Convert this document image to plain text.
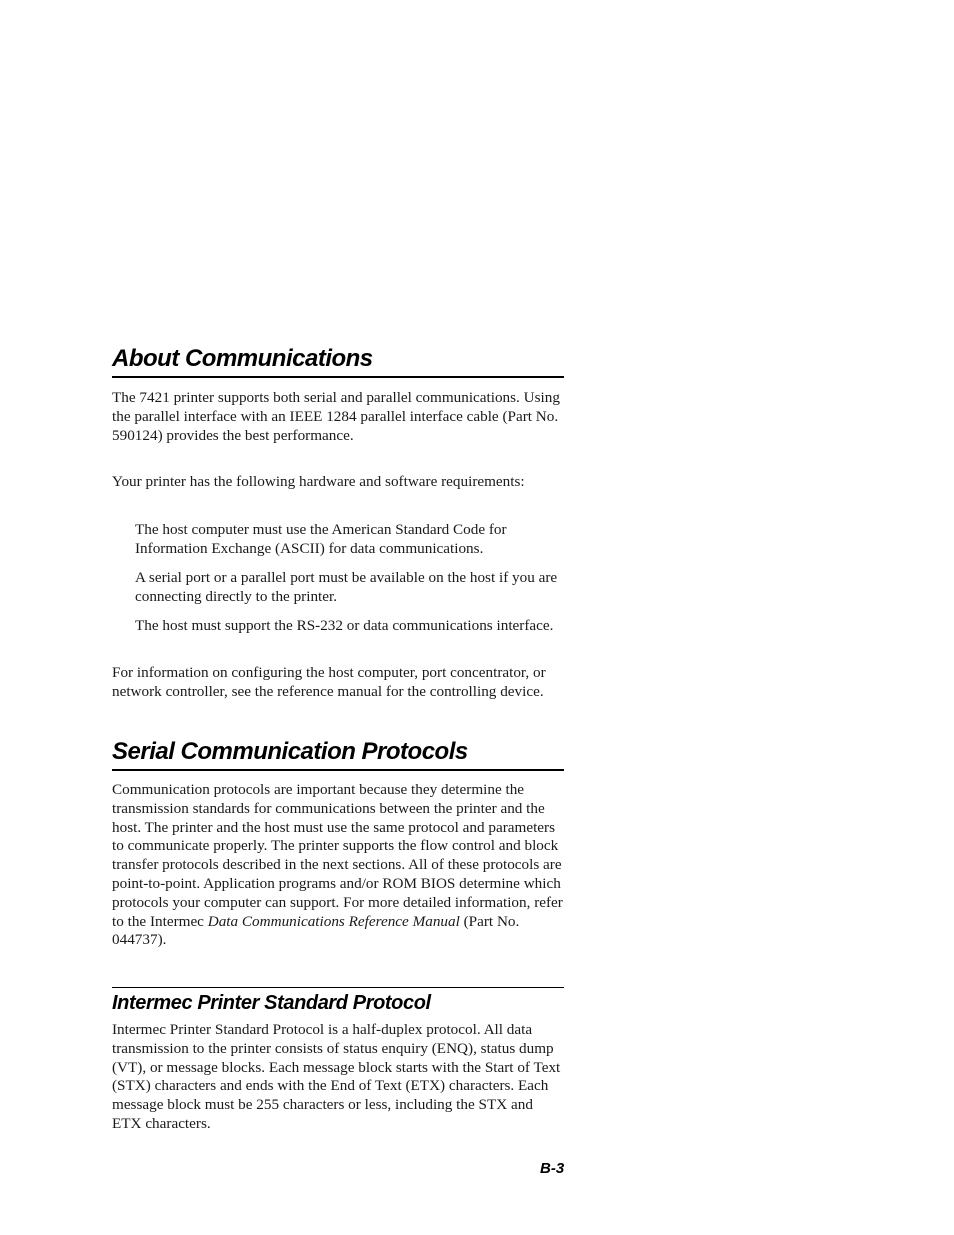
About Communications

The 7421 printer supports both serial and parallel communications. Using the parallel interface with an IEEE 1284 parallel interface cable (Part No. 590124) provides the best performance.

Your printer has the following hardware and software requirements:

The host computer must use the American Standard Code for Information Exchange (ASCII) for data communications.

A serial port or a parallel port must be available on the host if you are connecting directly to the printer.

The host must support the RS-232 or data communications interface.

For information on configuring the host computer, port concentrator, or network controller, see the reference manual for the controlling device.

Serial Communication Protocols

Communication protocols are important because they determine the transmission standards for communications between the printer and the host. The printer and the host must use the same protocol and parameters to communicate properly. The printer supports the flow control and block transfer protocols described in the next sections. All of these protocols are point-to-point. Application programs and/or ROM BIOS determine which protocols your computer can support. For more detailed information, refer to the Intermec Data Communications Reference Manual (Part No. 044737).

Intermec Printer Standard Protocol

Intermec Printer Standard Protocol is a half-duplex protocol. All data transmission to the printer consists of status enquiry (ENQ), status dump (VT), or message blocks. Each message block starts with the Start of Text (STX) characters and ends with the End of Text (ETX) characters. Each message block must be 255 characters or less, including the STX and ETX characters.

B-3
